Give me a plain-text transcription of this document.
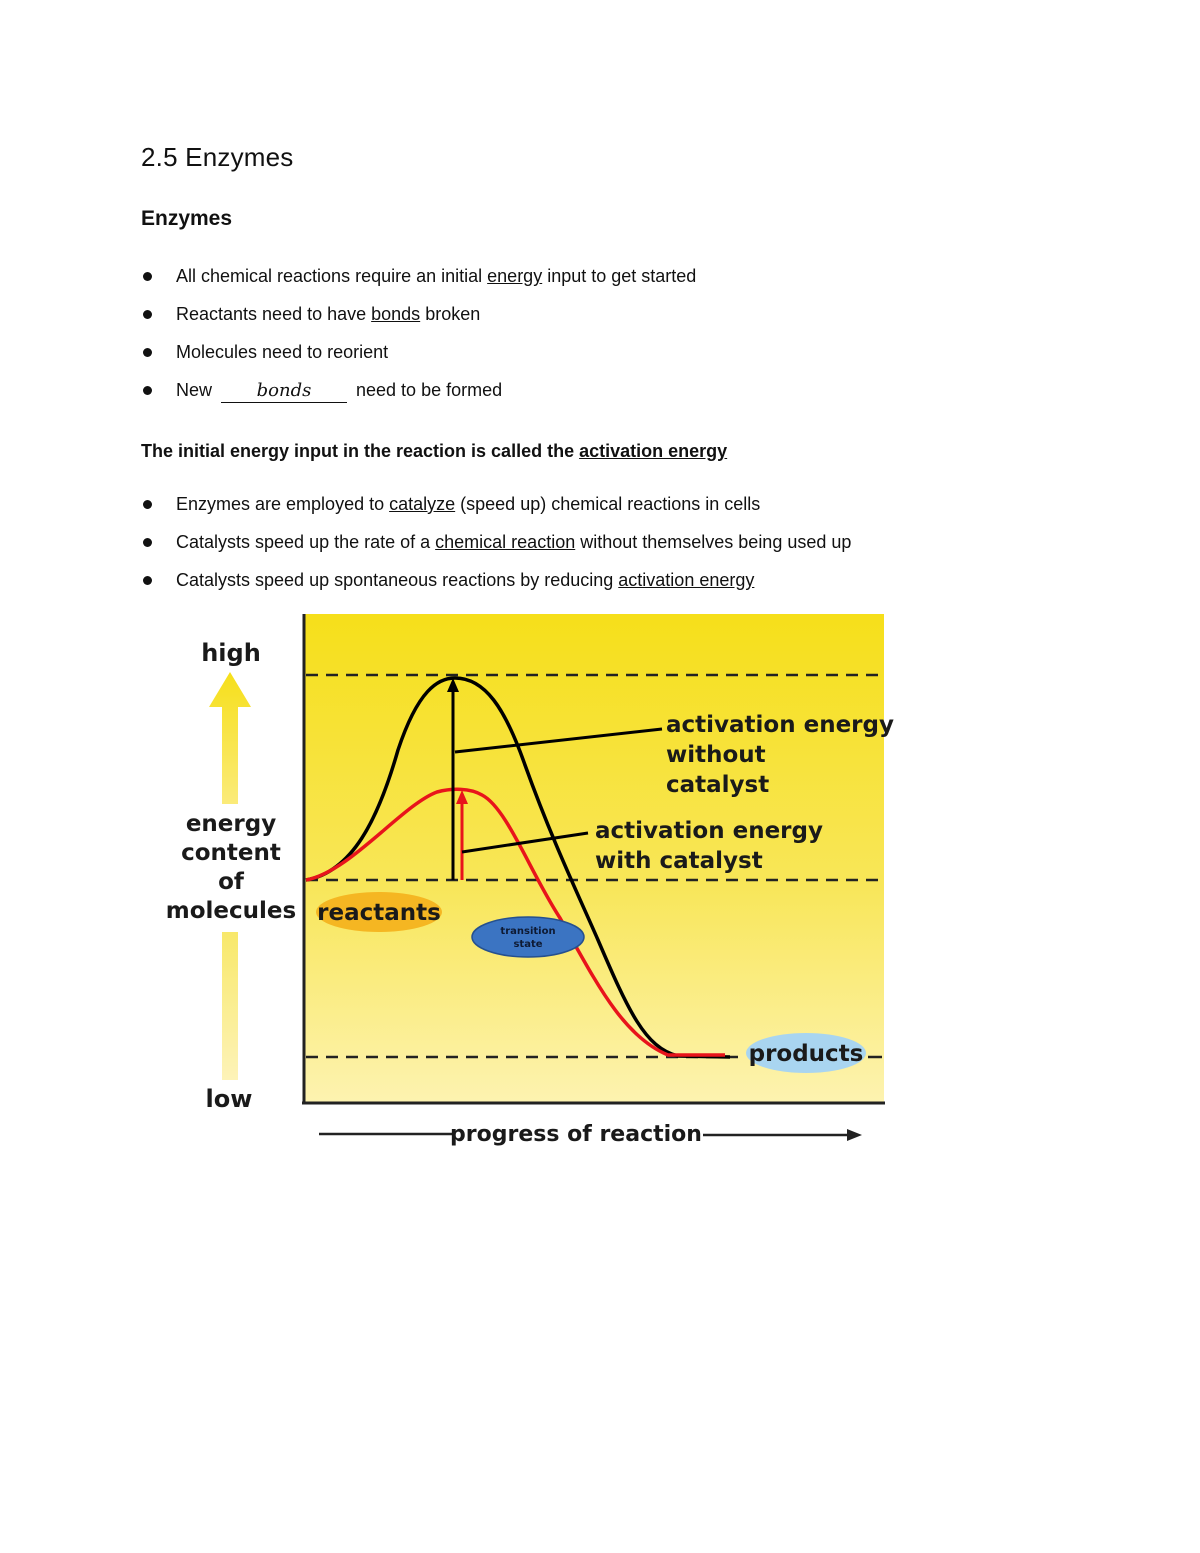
2.5 Enzymes
Enzymes
All chemical reactions require an initial energy input to get started
Reactants need to have bonds broken
Molecules need to reorient
New bonds need to be formed

The initial energy input in the reaction is called the activation energy

Enzymes are employed to catalyze (speed up) chemical reactions in cells
Catalysts speed up the rate of a chemical reaction without themselves being used up
Catalysts speed up spontaneous reactions by reducing activation energy
high
low
energy
content
of
molecules
progress of reaction
activation energy
without
catalyst
activation energy
with catalyst
reactants
transition
state
products
